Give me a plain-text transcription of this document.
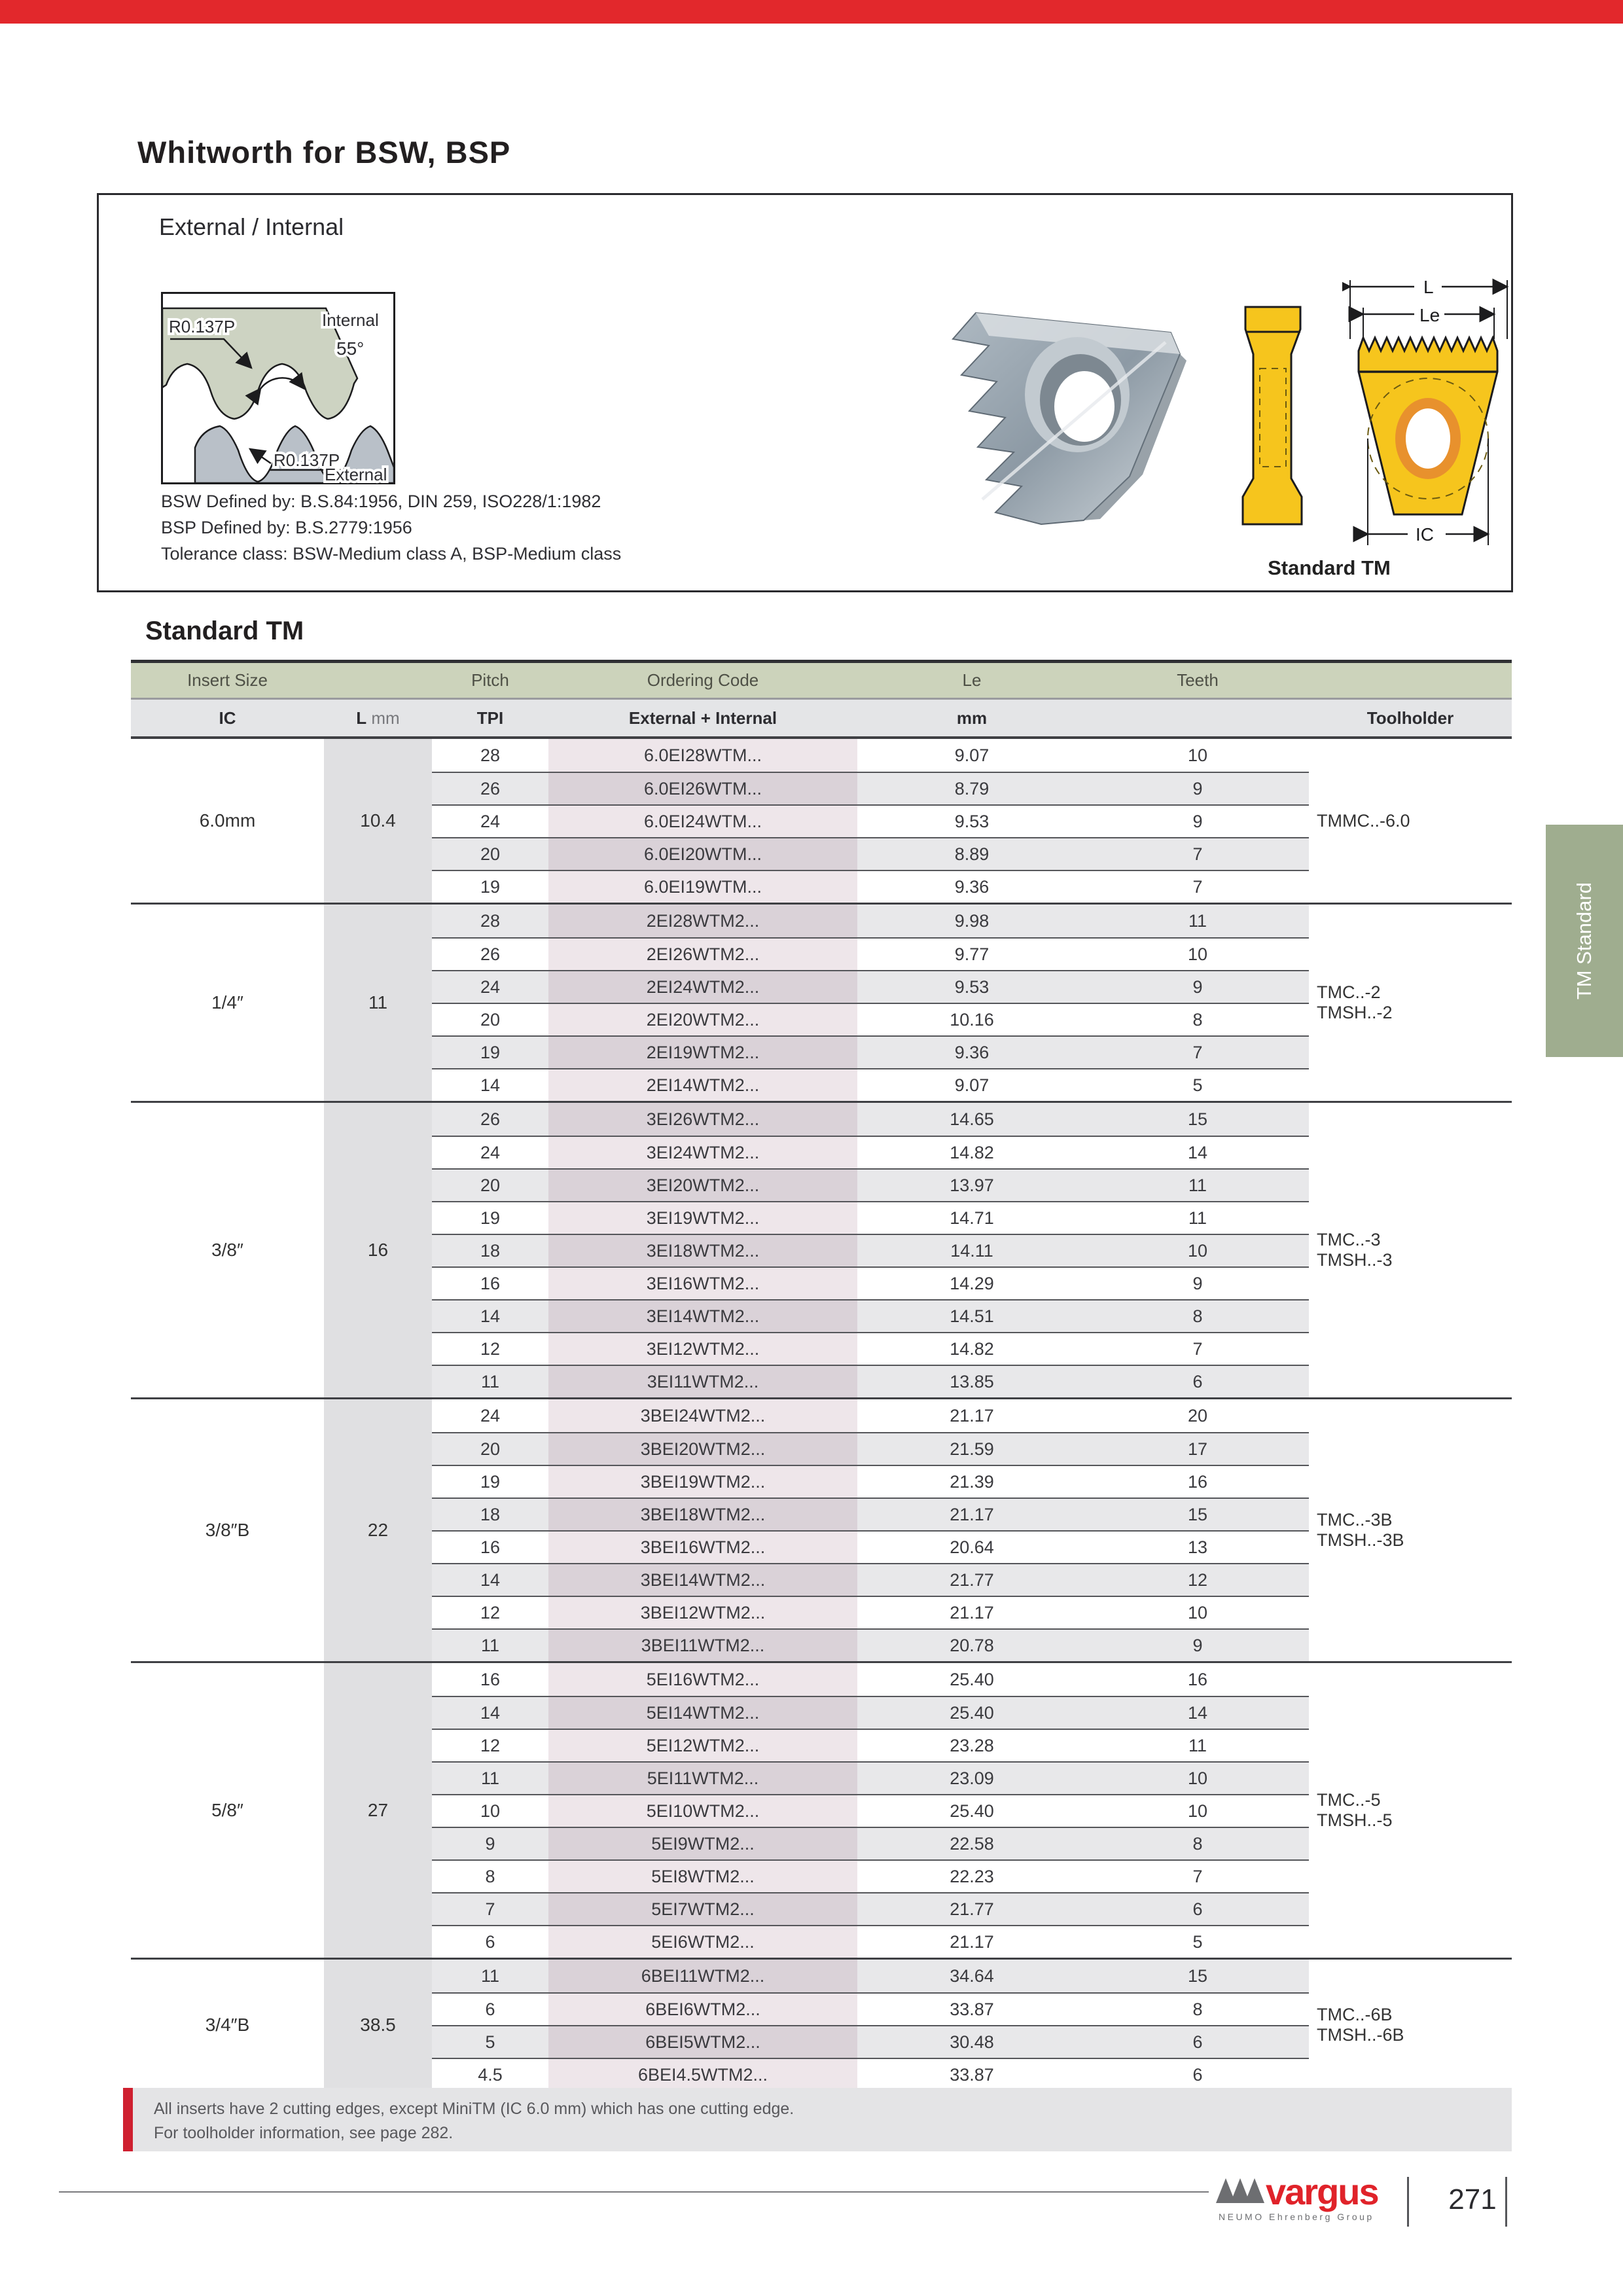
Whitworth for BSW, BSP
External / Internal
R0.137P	Internal
55°
R0.137P
External
BSW Defined by: B.S.84:1956, DIN 259, ISO228/1:1982
BSP Defined by: B.S.2779:1956
Tolerance class: BSW-Medium class A, BSP-Medium class
L
Le
IC
Standard TM
Standard TM
Insert Size	Pitch	Ordering Code	Le	Teeth
IC	L mm	TPI	External + Internal	mm	Toolholder
6.0mm	10.4
28	6.0EI28WTM...	9.07	10
26	6.0EI26WTM...	8.79	9
24	6.0EI24WTM...	9.53	9
20	6.0EI20WTM...	8.89	7
19	6.0EI19WTM...	9.36	7
TMMC..-6.0
1/4″	11
28	2EI28WTM2...	9.98	11
26	2EI26WTM2...	9.77	10
24	2EI24WTM2...	9.53	9
20	2EI20WTM2...	10.16	8
19	2EI19WTM2...	9.36	7
14	2EI14WTM2...	9.07	5
TMC..-2
TMSH..-2
3/8″	16
26	3EI26WTM2...	14.65	15
24	3EI24WTM2...	14.82	14
20	3EI20WTM2...	13.97	11
19	3EI19WTM2...	14.71	11
18	3EI18WTM2...	14.11	10
16	3EI16WTM2...	14.29	9
14	3EI14WTM2...	14.51	8
12	3EI12WTM2...	14.82	7
11	3EI11WTM2...	13.85	6
TMC..-3
TMSH..-3
3/8″B	22
24	3BEI24WTM2...	21.17	20
20	3BEI20WTM2...	21.59	17
19	3BEI19WTM2...	21.39	16
18	3BEI18WTM2...	21.17	15
16	3BEI16WTM2...	20.64	13
14	3BEI14WTM2...	21.77	12
12	3BEI12WTM2...	21.17	10
11	3BEI11WTM2...	20.78	9
TMC..-3B
TMSH..-3B
5/8″	27
16	5EI16WTM2...	25.40	16
14	5EI14WTM2...	25.40	14
12	5EI12WTM2...	23.28	11
11	5EI11WTM2...	23.09	10
10	5EI10WTM2...	25.40	10
9	5EI9WTM2...	22.58	8
8	5EI8WTM2...	22.23	7
7	5EI7WTM2...	21.77	6
6	5EI6WTM2...	21.17	5
TMC..-5
TMSH..-5
3/4″B	38.5
11	6BEI11WTM2...	34.64	15
6	6BEI6WTM2...	33.87	8
5	6BEI5WTM2...	30.48	6
4.5	6BEI4.5WTM2...	33.87	6
TMC..-6B
TMSH..-6B
TM Standard
All inserts have 2 cutting edges, except MiniTM (IC 6.0 mm) which has one cutting edge.
For toolholder information, see page 282.
vargus
NEUMO Ehrenberg Group
271
